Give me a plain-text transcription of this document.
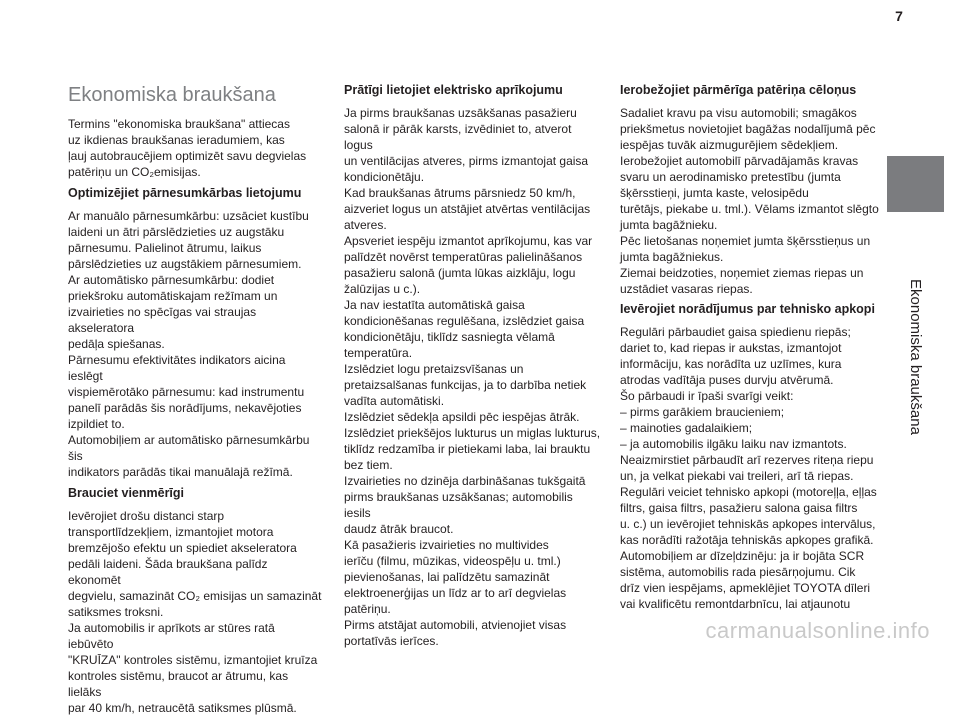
7
Ekonomiska braukšana
Ekonomiska braukšana
Termins "ekonomiska braukšana" attiecas
uz ikdienas braukšanas ieradumiem, kas
ļauj autobraucējiem optimizēt savu degvielas
patēriņu un CO₂emisijas.
Optimizējiet pārnesumkārbas lietojumu
Ar manuālo pārnesumkārbu: uzsāciet kustību
laideni un ātri pārslēdzieties uz augstāku
pārnesumu. Palielinot ātrumu, laikus
pārslēdzieties uz augstākiem pārnesumiem.
Ar automātisko pārnesumkārbu: dodiet
priekšroku automātiskajam režīmam un
izvairieties no spēcīgas vai straujas akseleratora
pedāļa spiešanas.
Pārnesumu efektivitātes indikators aicina ieslēgt
vispiemērotāko pārnesumu: kad instrumentu
panelī parādās šis norādījums, nekavējoties
izpildiet to.
Automobiļiem ar automātisko pārnesumkārbu šis
indikators parādās tikai manuālajā režīmā.
Brauciet vienmērīgi
Ievērojiet drošu distanci starp
transportlīdzekļiem, izmantojiet motora
bremzējošo efektu un spiediet akseleratora
pedāli laideni. Šāda braukšana palīdz ekonomēt
degvielu, samazināt CO₂ emisijas un samazināt
satiksmes troksni.
Ja automobilis ir aprīkots ar stūres ratā iebūvēto
"KRUĪZA" kontroles sistēmu, izmantojiet kruīza
kontroles sistēmu, braucot ar ātrumu, kas lielāks
par 40 km/h, netraucētā satiksmes plūsmā.
Prātīgi lietojiet elektrisko aprīkojumu
Ja pirms braukšanas uzsākšanas pasažieru
salonā ir pārāk karsts, izvēdiniet to, atverot logus
un ventilācijas atveres, pirms izmantojat gaisa
kondicionētāju.
Kad braukšanas ātrums pārsniedz 50 km/h,
aizveriet logus un atstājiet atvērtas ventilācijas
atveres.
Apsveriet iespēju izmantot aprīkojumu, kas var
palīdzēt novērst temperatūras palielināšanos
pasažieru salonā (jumta lūkas aizklāju, logu
žalūzijas u c.).
Ja nav iestatīta automātiskā gaisa
kondicionēšanas regulēšana, izslēdziet gaisa
kondicionētāju, tiklīdz sasniegta vēlamā
temperatūra.
Izslēdziet logu pretaizsvīšanas un
pretaizsalšanas funkcijas, ja to darbība netiek
vadīta automātiski.
Izslēdziet sēdekļa apsildi pēc iespējas ātrāk.
Izslēdziet priekšējos lukturus un miglas lukturus,
tiklīdz redzamība ir pietiekami laba, lai brauktu
bez tiem.
Izvairieties no dzinēja darbināšanas tukšgaitā
pirms braukšanas uzsākšanas; automobilis iesils
daudz ātrāk braucot.
Kā pasažieris izvairieties no multivides
ierīču (filmu, mūzikas, videospēļu u. tml.)
pievienošanas, lai palīdzētu samazināt
elektroenerģijas un līdz ar to arī degvielas
patēriņu.
Pirms atstājat automobili, atvienojiet visas
portatīvās ierīces.
Ierobežojiet pārmērīga patēriņa cēloņus
Sadaliet kravu pa visu automobili; smagākos
priekšmetus novietojiet bagāžas nodalījumā pēc
iespējas tuvāk aizmugurējiem sēdekļiem.
Ierobežojiet automobilī pārvadājamās kravas
svaru un aerodinamisko pretestību (jumta
šķērsstieņi, jumta kaste, velosipēdu
turētājs, piekabe u. tml.). Vēlams izmantot slēgto
jumta bagāžnieku.
Pēc lietošanas noņemiet jumta šķērsstieņus un
jumta bagāžniekus.
Ziemai beidzoties, noņemiet ziemas riepas un
uzstādiet vasaras riepas.
Ievērojiet norādījumus par tehnisko apkopi
Regulāri pārbaudiet gaisa spiedienu riepās;
dariet to, kad riepas ir aukstas, izmantojot
informāciju, kas norādīta uz uzlīmes, kura
atrodas vadītāja puses durvju atvērumā.
Šo pārbaudi ir īpaši svarīgi veikt:
– pirms garākiem braucieniem;
– mainoties gadalaikiem;
– ja automobilis ilgāku laiku nav izmantots.
Neaizmirstiet pārbaudīt arī rezerves riteņa riepu
un, ja velkat piekabi vai treileri, arī tā riepas.
Regulāri veiciet tehnisko apkopi (motoreļļa, eļļas
filtrs, gaisa filtrs, pasažieru salona gaisa filtrs
u. c.) un ievērojiet tehniskās apkopes intervālus,
kas norādīti ražotāja tehniskās apkopes grafikā.
Automobiļiem ar dīzeļdzinēju: ja ir bojāta SCR
sistēma, automobilis rada piesārņojumu. Cik
drīz vien iespējams, apmeklējiet TOYOTA dīleri
vai kvalificētu remontdarbnīcu, lai atjaunotu
carmanualsonline.info
